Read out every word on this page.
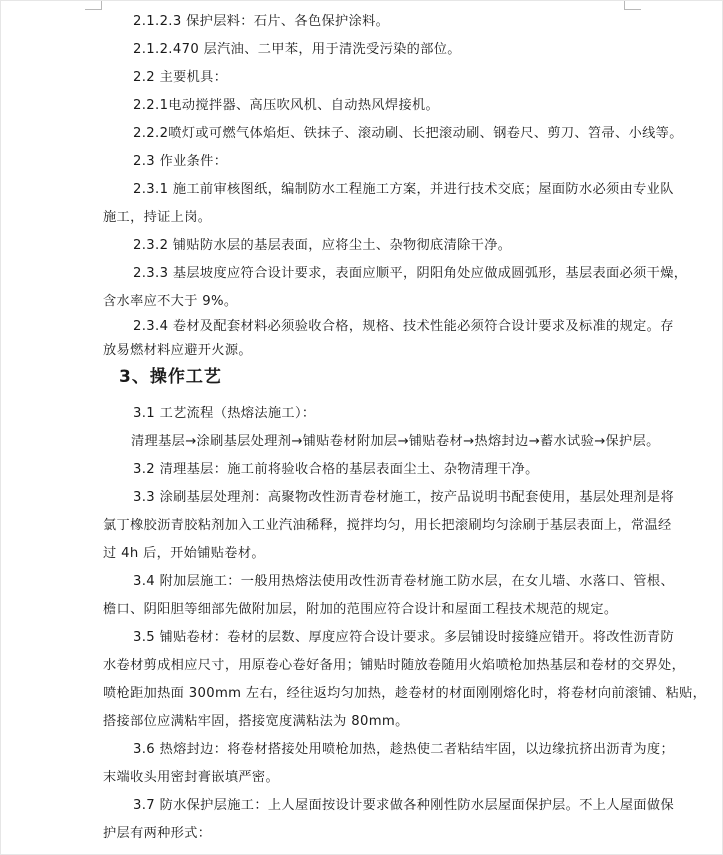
2.1.2.3 保护层料：石片、各色保护涂料。
2.1.2.470 层汽油、二甲苯，用于清洗受污染的部位。
2.2 主要机具：
2.2.1电动搅拌器、高压吹风机、自动热风焊接机。
2.2.2喷灯或可燃气体焰炬、铁抹子、滚动刷、长把滚动刷、钢卷尺、剪刀、笤帚、小线等。
2.3 作业条件：
2.3.1 施工前审核图纸，编制防水工程施工方案，并进行技术交底；屋面防水必须由专业队
施工，持证上岗。
2.3.2 铺贴防水层的基层表面，应将尘土、杂物彻底清除干净。
2.3.3 基层坡度应符合设计要求，表面应顺平，阴阳角处应做成圆弧形，基层表面必须干燥，
含水率应不大于 9%。
2.3.4 卷材及配套材料必须验收合格，规格、技术性能必须符合设计要求及标准的规定。存
放易燃材料应避开火源。
3、操作工艺
3.1 工艺流程（热熔法施工）：
清理基层→涂刷基层处理剂→铺贴卷材附加层→铺贴卷材→热熔封边→蓄水试验→保护层。
3.2 清理基层：施工前将验收合格的基层表面尘土、杂物清理干净。
3.3 涂刷基层处理剂：高聚物改性沥青卷材施工，按产品说明书配套使用，基层处理剂是将
氯丁橡胶沥青胶粘剂加入工业汽油稀释，搅拌均匀，用长把滚刷均匀涂刷于基层表面上，常温经
过 4h 后，开始铺贴卷材。
3.4 附加层施工：一般用热熔法使用改性沥青卷材施工防水层，在女儿墙、水落口、管根、
檐口、阴阳胆等细部先做附加层，附加的范围应符合设计和屋面工程技术规范的规定。
3.5 铺贴卷材：卷材的层数、厚度应符合设计要求。多层铺设时接缝应错开。将改性沥青防
水卷材剪成相应尺寸，用原卷心卷好备用；铺贴时随放卷随用火焰喷枪加热基层和卷材的交界处，
喷枪距加热面 300mm 左右，经往返均匀加热，趁卷材的材面刚刚熔化时，将卷材向前滚铺、粘贴，
搭接部位应满粘牢固，搭接宽度满粘法为 80mm。
3.6 热熔封边：将卷材搭接处用喷枪加热，趁热使二者粘结牢固，以边缘抗挤出沥青为度；
末端收头用密封膏嵌填严密。
3.7 防水保护层施工：上人屋面按设计要求做各种刚性防水层屋面保护层。不上人屋面做保
护层有两种形式：
